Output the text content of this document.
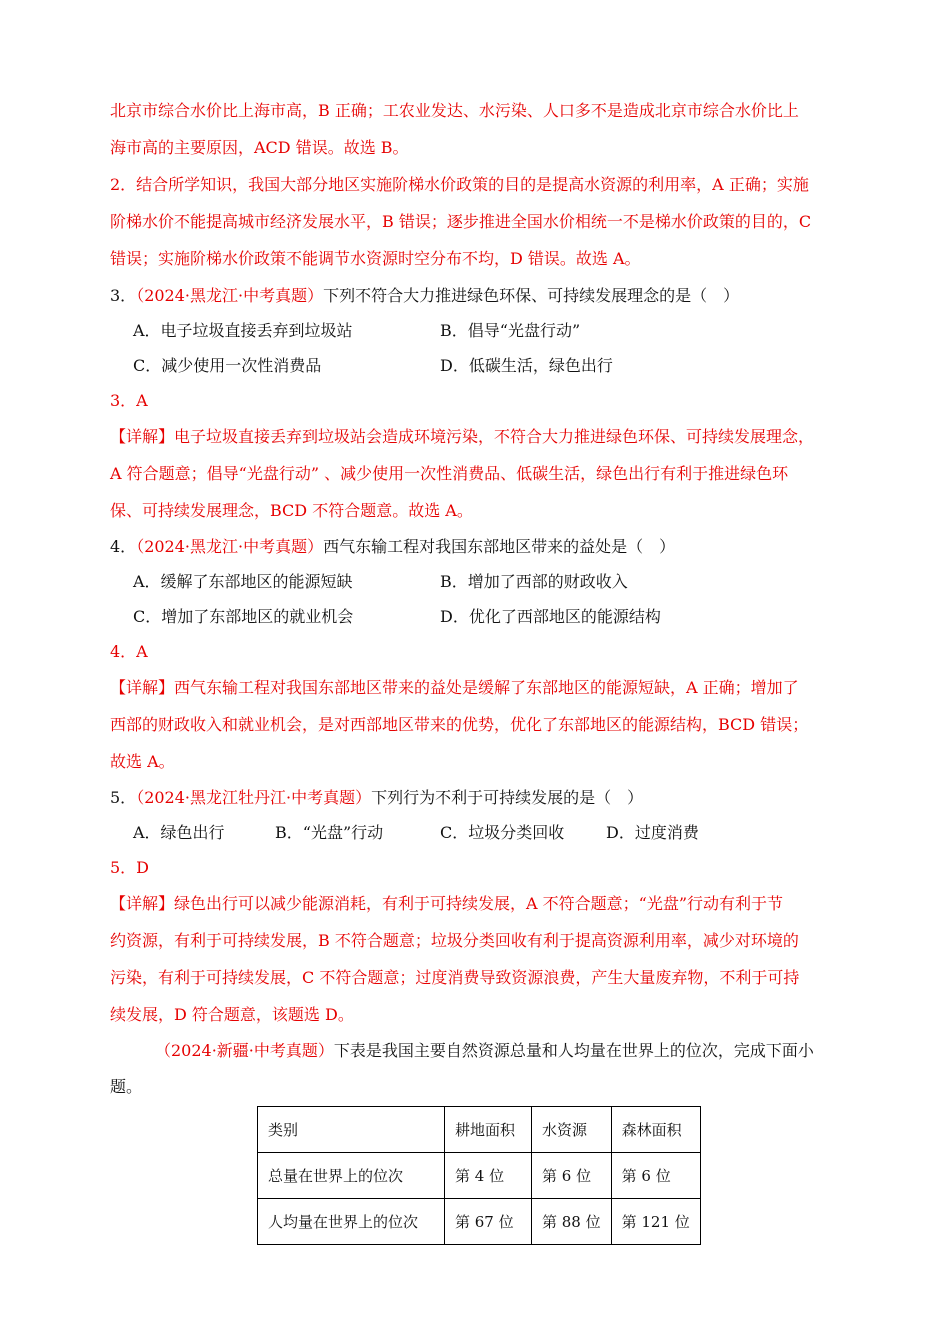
北京市综合水价比上海市高，B 正确；工农业发达、水污染、人口多不是造成北京市综合水价比上
海市高的主要原因，ACD 错误。故选 B。
2．结合所学知识，我国大部分地区实施阶梯水价政策的目的是提高水资源的利用率，A 正确；实施
阶梯水价不能提高城市经济发展水平，B 错误；逐步推进全国水价相统一不是梯水价政策的目的，C
错误；实施阶梯水价政策不能调节水资源时空分布不均，D 错误。故选 A。
3．（2024·黑龙江·中考真题）下列不符合大力推进绿色环保、可持续发展理念的是（　）
A．电子垃圾直接丢弃到垃圾站	B．倡导“光盘行动”
C．减少使用一次性消费品	D．低碳生活，绿色出行
3．A
【详解】电子垃圾直接丢弃到垃圾站会造成环境污染，不符合大力推进绿色环保、可持续发展理念，
A 符合题意；倡导“光盘行动” 、减少使用一次性消费品、低碳生活，绿色出行有利于推进绿色环
保、可持续发展理念，BCD 不符合题意。故选 A。
4．（2024·黑龙江·中考真题）西气东输工程对我国东部地区带来的益处是（　）
A．缓解了东部地区的能源短缺	B．增加了西部的财政收入
C．增加了东部地区的就业机会	D．优化了西部地区的能源结构
4．A
【详解】西气东输工程对我国东部地区带来的益处是缓解了东部地区的能源短缺，A 正确；增加了
西部的财政收入和就业机会，是对西部地区带来的优势，优化了东部地区的能源结构，BCD 错误；
故选 A。
5．（2024·黑龙江牡丹江·中考真题）下列行为不利于可持续发展的是（　）
A．绿色出行	B．“光盘”行动	C．垃圾分类回收	D．过度消费
5．D
【详解】绿色出行可以减少能源消耗，有利于可持续发展，A 不符合题意；“光盘”行动有利于节
约资源，有利于可持续发展，B 不符合题意；垃圾分类回收有利于提高资源利用率，减少对环境的
污染，有利于可持续发展，C 不符合题意；过度消费导致资源浪费，产生大量废弃物，不利于可持
续发展，D 符合题意，该题选 D。
（2024·新疆·中考真题）下表是我国主要自然资源总量和人均量在世界上的位次，完成下面小
题。
类别	耕地面积	水资源	森林面积
总量在世界上的位次	第 4 位	第 6 位	第 6 位
人均量在世界上的位次	第 67 位	第 88 位	第 121 位
